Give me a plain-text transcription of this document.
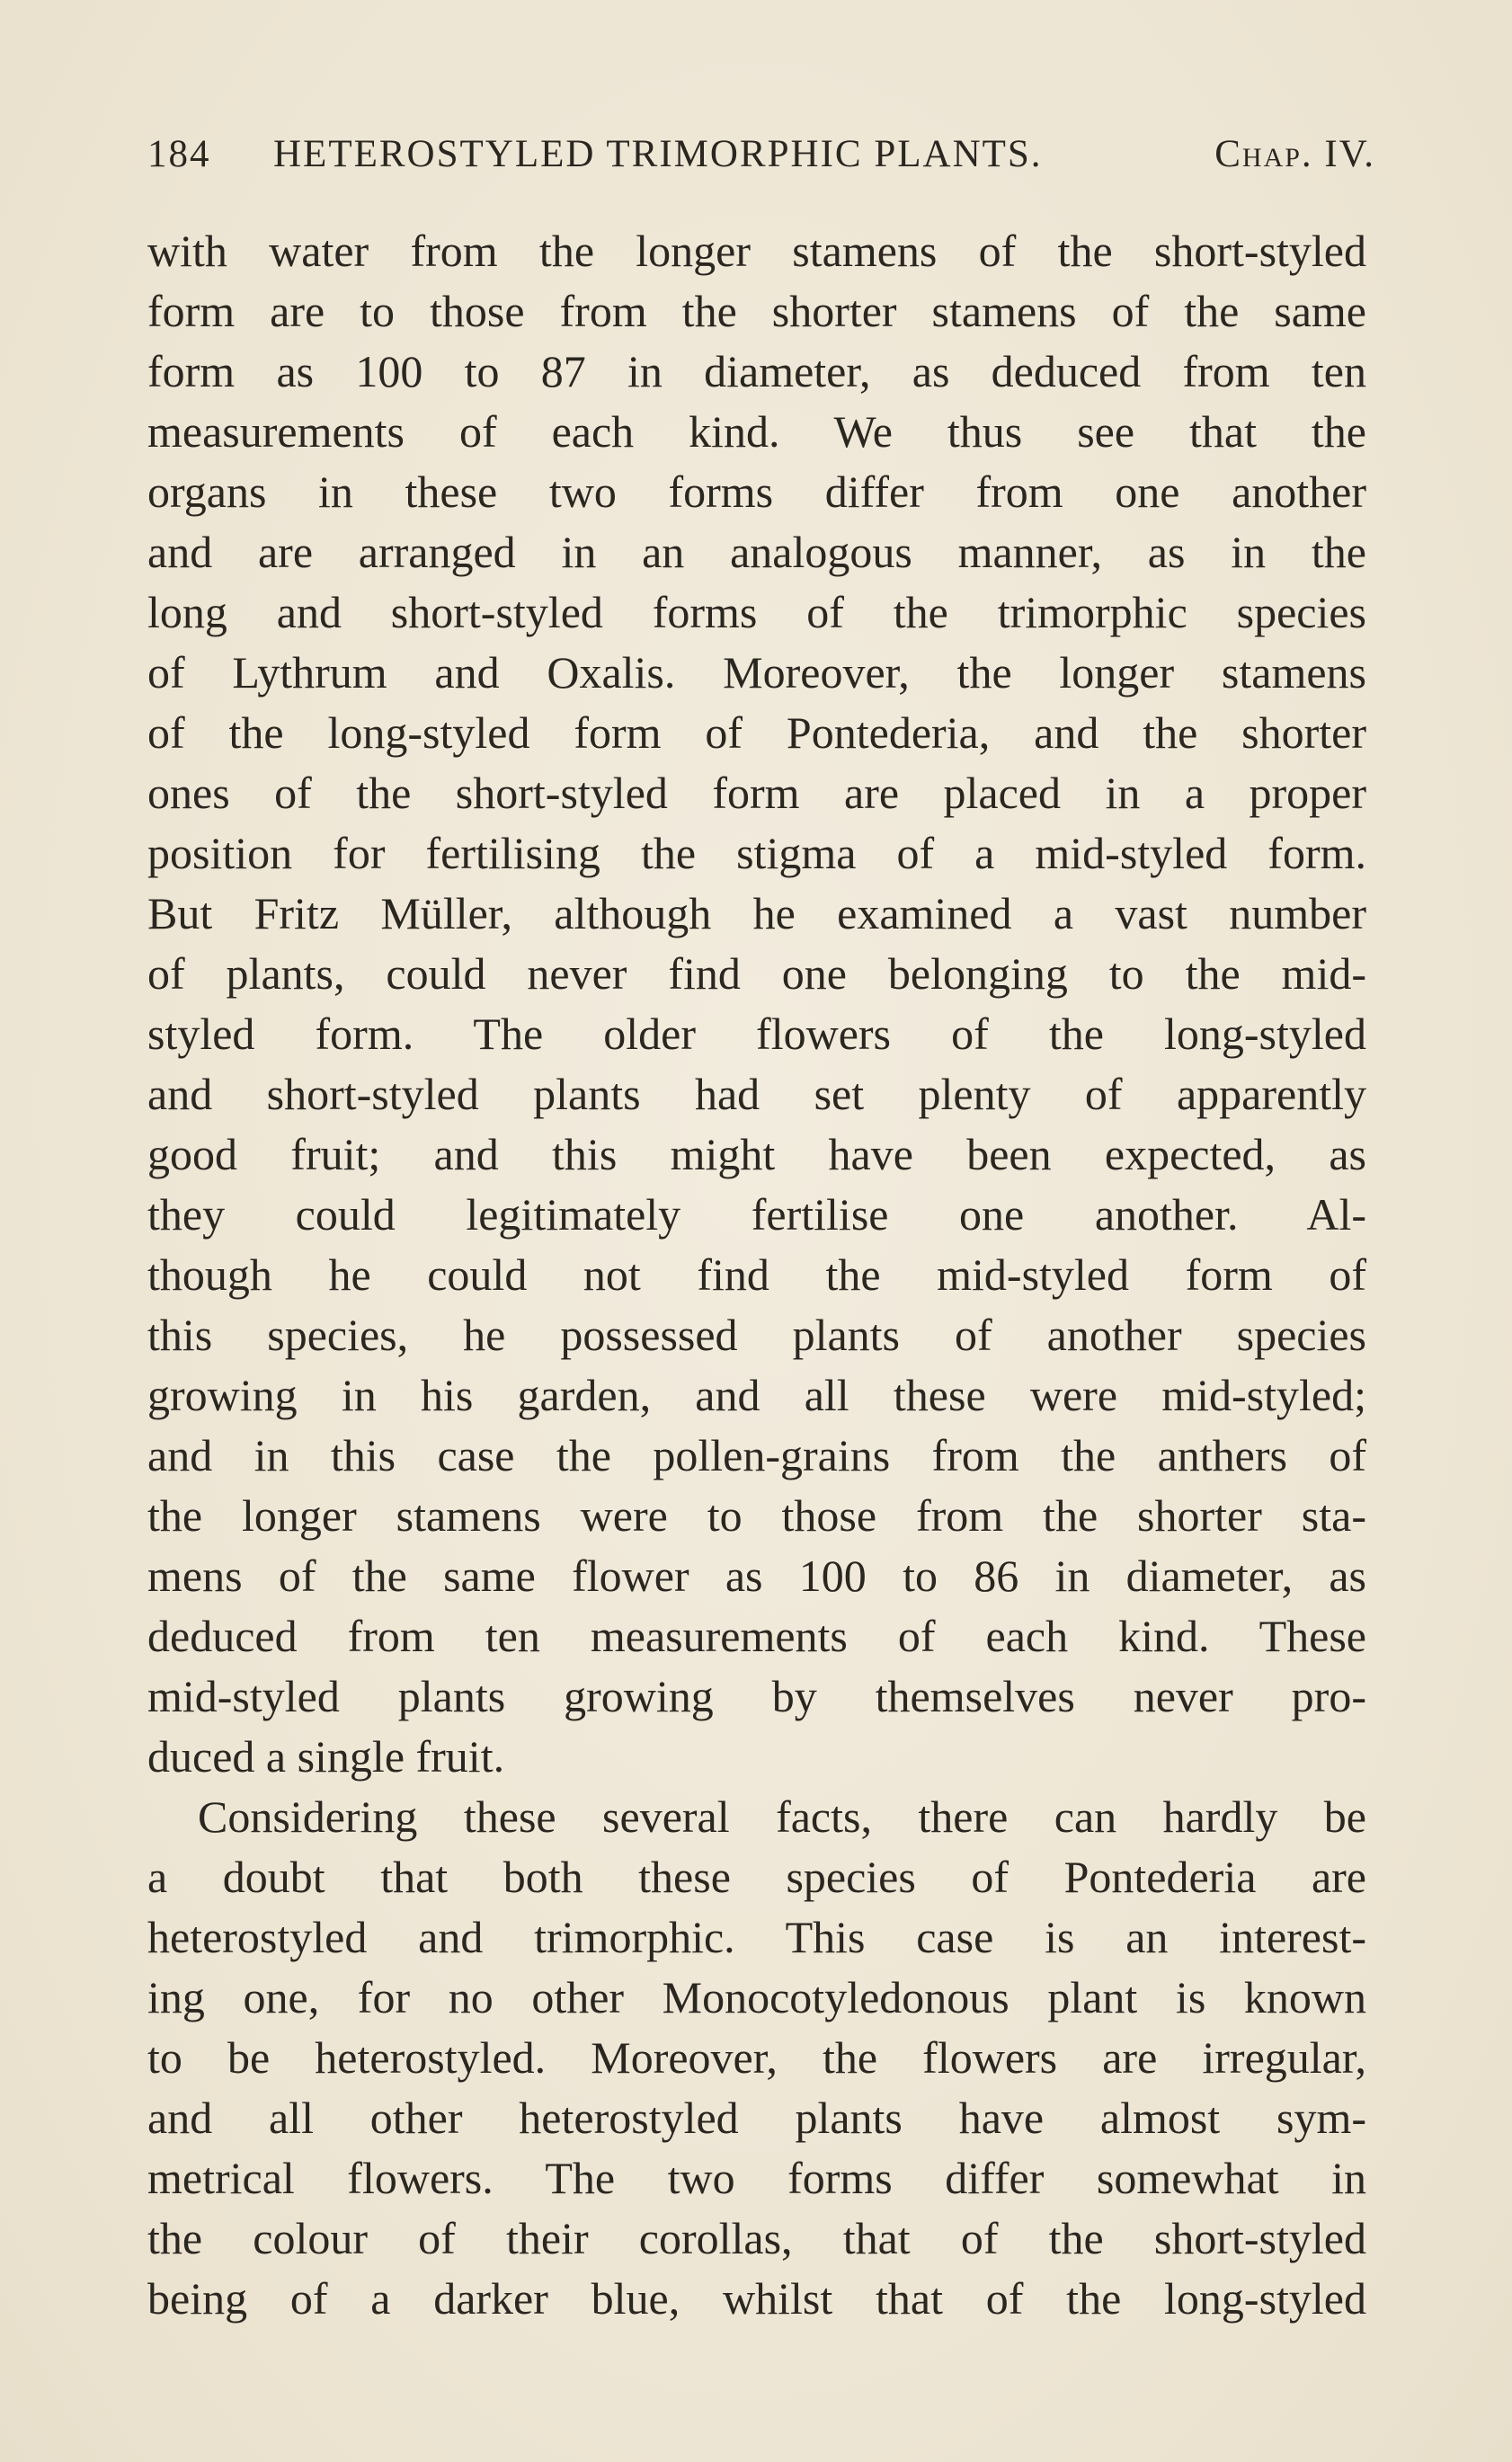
184 HETEROSTYLED TRIMORPHIC PLANTS.	Chap. IV.
with water from the longer stamens of the short-styled
form are to those from the shorter stamens of the same
form as 100 to 87 in diameter, as deduced from ten
measurements of each kind. We thus see that the
organs in these two forms differ from one another
and are arranged in an analogous manner, as in the
long and short-styled forms of the trimorphic species
of Lythrum and Oxalis. Moreover, the longer stamens
of the long-styled form of Pontederia, and the shorter
ones of the short-styled form are placed in a proper
position for fertilising the stigma of a mid-styled form.
But Fritz Müller, although he examined a vast number
of plants, could never find one belonging to the mid-
styled form. The older flowers of the long-styled
and short-styled plants had set plenty of apparently
good fruit; and this might have been expected, as
they could legitimately fertilise one another. Al-
though he could not find the mid-styled form of
this species, he possessed plants of another species
growing in his garden, and all these were mid-styled;
and in this case the pollen-grains from the anthers of
the longer stamens were to those from the shorter sta-
mens of the same flower as 100 to 86 in diameter, as
deduced from ten measurements of each kind. These
mid-styled plants growing by themselves never pro-
duced a single fruit.
Considering these several facts, there can hardly be
a doubt that both these species of Pontederia are
heterostyled and trimorphic. This case is an interest-
ing one, for no other Monocotyledonous plant is known
to be heterostyled. Moreover, the flowers are irregular,
and all other heterostyled plants have almost sym-
metrical flowers. The two forms differ somewhat in
the colour of their corollas, that of the short-styled
being of a darker blue, whilst that of the long-styled
